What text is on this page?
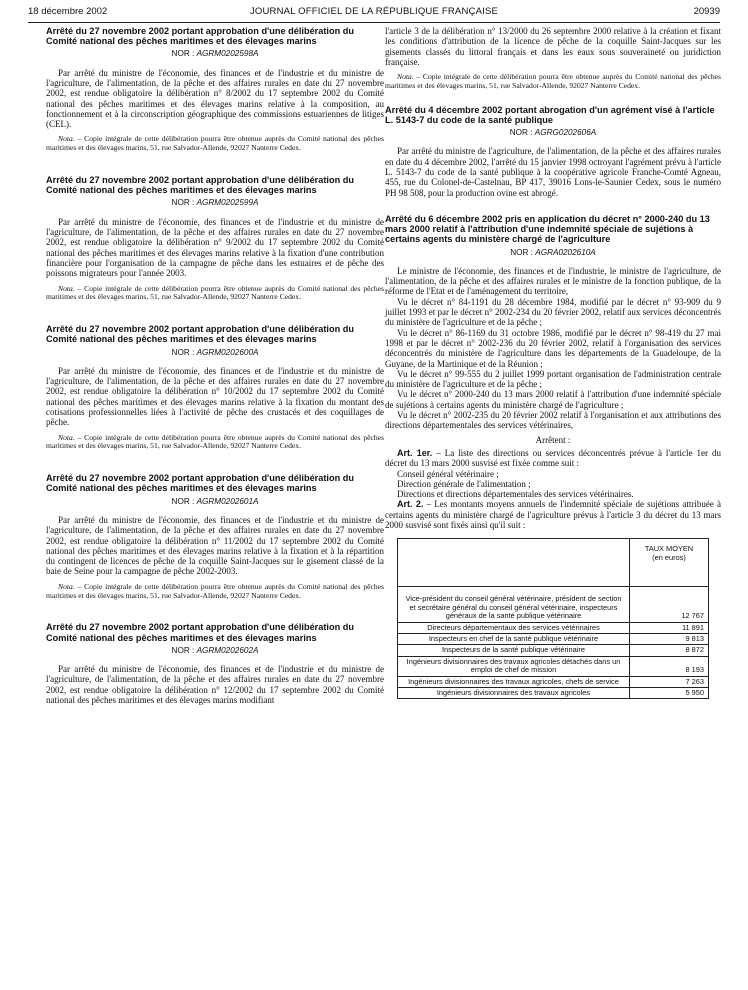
18 décembre 2002	JOURNAL OFFICIEL DE LA RÉPUBLIQUE FRANÇAISE	20939
Arrêté du 27 novembre 2002 portant approbation d'une délibération du Comité national des pêches maritimes et des élevages marins
NOR : AGRM0202598A

Par arrêté du ministre de l'économie, des finances et de l'industrie et du ministre de l'agriculture, de l'alimentation, de la pêche et des affaires rurales en date du 27 novembre 2002, est rendue obligatoire la délibération n° 8/2002 du 17 septembre 2002 du Comité national des pêches maritimes et des élevages marins relative à la composition, au fonctionnement et à la circonscription géographique des commissions estuariennes de litiges (CEL).

Nota. – Copie intégrale de cette délibération pourra être obtenue auprès du Comité national des pêches maritimes et des élevages marins, 51, rue Salvador-Allende, 92027 Nanterre Cedex.

Arrêté du 27 novembre 2002 portant approbation d'une délibération du Comité national des pêches maritimes et des élevages marins
NOR : AGRM0202599A

Par arrêté du ministre de l'économie, des finances et de l'industrie et du ministre de l'agriculture, de l'alimentation, de la pêche et des affaires rurales en date du 27 novembre 2002, est rendue obligatoire la délibération n° 9/2002 du 17 septembre 2002 du Comité national des pêches maritimes et des élevages marins relative à la fixation d'une contribution financière pour l'organisation de la campagne de pêche dans les estuaires et de pêche des poissons migrateurs pour l'année 2003.

Nota. – Copie intégrale de cette délibération pourra être obtenue auprès du Comité national des pêches maritimes et des élevages marins, 51, rue Salvador-Allende, 92027 Nanterre Cedex.

Arrêté du 27 novembre 2002 portant approbation d'une délibération du Comité national des pêches maritimes et des élevages marins
NOR : AGRM0202600A

Par arrêté du ministre de l'économie, des finances et de l'industrie et du ministre de l'agriculture, de l'alimentation, de la pêche et des affaires rurales en date du 27 novembre 2002, est rendue obligatoire la délibération n° 10/2002 du 17 septembre 2002 du Comité national des pêches maritimes et des élevages marins relative à la fixation du montant des cotisations professionnelles liées à l'activité de pêche des crustacés et des coquillages de pêche.

Nota. – Copie intégrale de cette délibération pourra être obtenue auprès du Comité national des pêches maritimes et des élevages marins, 51, rue Salvador-Allende, 92027 Nanterre Cedex.

Arrêté du 27 novembre 2002 portant approbation d'une délibération du Comité national des pêches maritimes et des élevages marins
NOR : AGRM0202601A

Par arrêté du ministre de l'économie, des finances et de l'industrie et du ministre de l'agriculture, de l'alimentation, de la pêche et des affaires rurales en date du 27 novembre 2002, est rendue obligatoire la délibération n° 11/2002 du 17 septembre 2002 du Comité national des pêches maritimes et des élevages marins relative à la fixation et à la répartition du contingent de licences de pêche de la coquille Saint-Jacques sur le gisement classé de la baie de Seine pour la campagne de pêche 2002-2003.

Nota. – Copie intégrale de cette délibération pourra être obtenue auprès du Comité national des pêches maritimes et des élevages marins, 51, rue Salvador-Allende, 92027 Nanterre Cedex.

Arrêté du 27 novembre 2002 portant approbation d'une délibération du Comité national des pêches maritimes et des élevages marins
NOR : AGRM0202602A

Par arrêté du ministre de l'économie, des finances et de l'industrie et du ministre de l'agriculture, de l'alimentation, de la pêche et des affaires rurales en date du 27 novembre 2002, est rendue obligatoire la délibération n° 12/2002 du 17 septembre 2002 du Comité national des pêches maritimes et des élevages marins modifiant

l'article 3 de la délibération n° 13/2000 du 26 septembre 2000 relative à la création et fixant les conditions d'attribution de la licence de pêche de la coquille Saint-Jacques sur les gisements classés du littoral français et dans les eaux sous souveraineté ou juridiction française.

Nota. – Copie intégrale de cette délibération pourra être obtenue auprès du Comité national des pêches maritimes et des élevages marins, 51, rue Salvador-Allende, 92027 Nanterre Cedex.

Arrêté du 4 décembre 2002 portant abrogation d'un agrément visé à l'article L. 5143-7 du code de la santé publique
NOR : AGRG0202606A

Par arrêté du ministre de l'agriculture, de l'alimentation, de la pêche et des affaires rurales en date du 4 décembre 2002, l'arrêté du 15 janvier 1998 octroyant l'agrément prévu à l'article L. 5143-7 du code de la santé publique à la coopérative agricole Franche-Comté Agneau, 455, rue du Colonel-de-Castelnau, BP 417, 39016 Lons-le-Saunier Cedex, sous le numéro PH 98 508, pour la production ovine est abrogé.

Arrêté du 6 décembre 2002 pris en application du décret n° 2000-240 du 13 mars 2000 relatif à l'attribution d'une indemnité spéciale de sujétions à certains agents du ministère chargé de l'agriculture
NOR : AGRA0202610A

Le ministre de l'économie, des finances et de l'industrie, le ministre de l'agriculture, de l'alimentation, de la pêche et des affaires rurales et le ministre de la fonction publique, de la réforme de l'Etat et de l'aménagement du territoire,

Vu le décret n° 84-1191 du 28 décembre 1984, modifié par le décret n° 93-909 du 9 juillet 1993 et par le décret n° 2002-234 du 20 février 2002, relatif aux services déconcentrés du ministère de l'agriculture et de la pêche ;

Vu le décret n° 86-1169 du 31 octobre 1986, modifié par le décret n° 98-419 du 27 mai 1998 et par le décret n° 2002-236 du 20 février 2002, relatif à l'organisation des services déconcentrés du ministère de l'agriculture dans les départements de la Guadeloupe, de la Guyane, de la Martinique et de la Réunion ;

Vu le décret n° 99-555 du 2 juillet 1999 portant organisation de l'administration centrale du ministère de l'agriculture et de la pêche ;

Vu le décret n° 2000-240 du 13 mars 2000 relatif à l'attribution d'une indemnité spéciale de sujétions à certains agents du ministère chargé de l'agriculture ;

Vu le décret n° 2002-235 du 20 février 2002 relatif à l'organisation et aux attributions des directions départementales des services vétérinaires,

Arrêtent :

Art. 1er. – La liste des directions ou services déconcentrés prévue à l'article 1er du décret du 13 mars 2000 susvisé est fixée comme suit :

Conseil général vétérinaire ;

Direction générale de l'alimentation ;

Directions et directions départementales des services vétérinaires.

Art. 2. – Les montants moyens annuels de l'indemnité spéciale de sujétions attribuée à certains agents du ministère chargé de l'agriculture prévus à l'article 3 du décret du 13 mars 2000 susvisé sont fixés ainsi qu'il suit :

	TAUX MOYEN
(en euros)
Vice-président du conseil général vétérinaire, président de section et secrétaire général du conseil général vétérinaire, inspecteurs généraux de la santé publique vétérinaire	12 767
Directeurs départementaux des services vétérinaires	11 891
Inspecteurs en chef de la santé publique vétérinaire	9 813
Inspecteurs de la santé publique vétérinaire	8 872
Ingénieurs divisionnaires des travaux agricoles détachés dans un emploi de chef de mission	8 193
Ingénieurs divisionnaires des travaux agricoles, chefs de service	7 263
Ingénieurs divisionnaires des travaux agricoles	5 950
